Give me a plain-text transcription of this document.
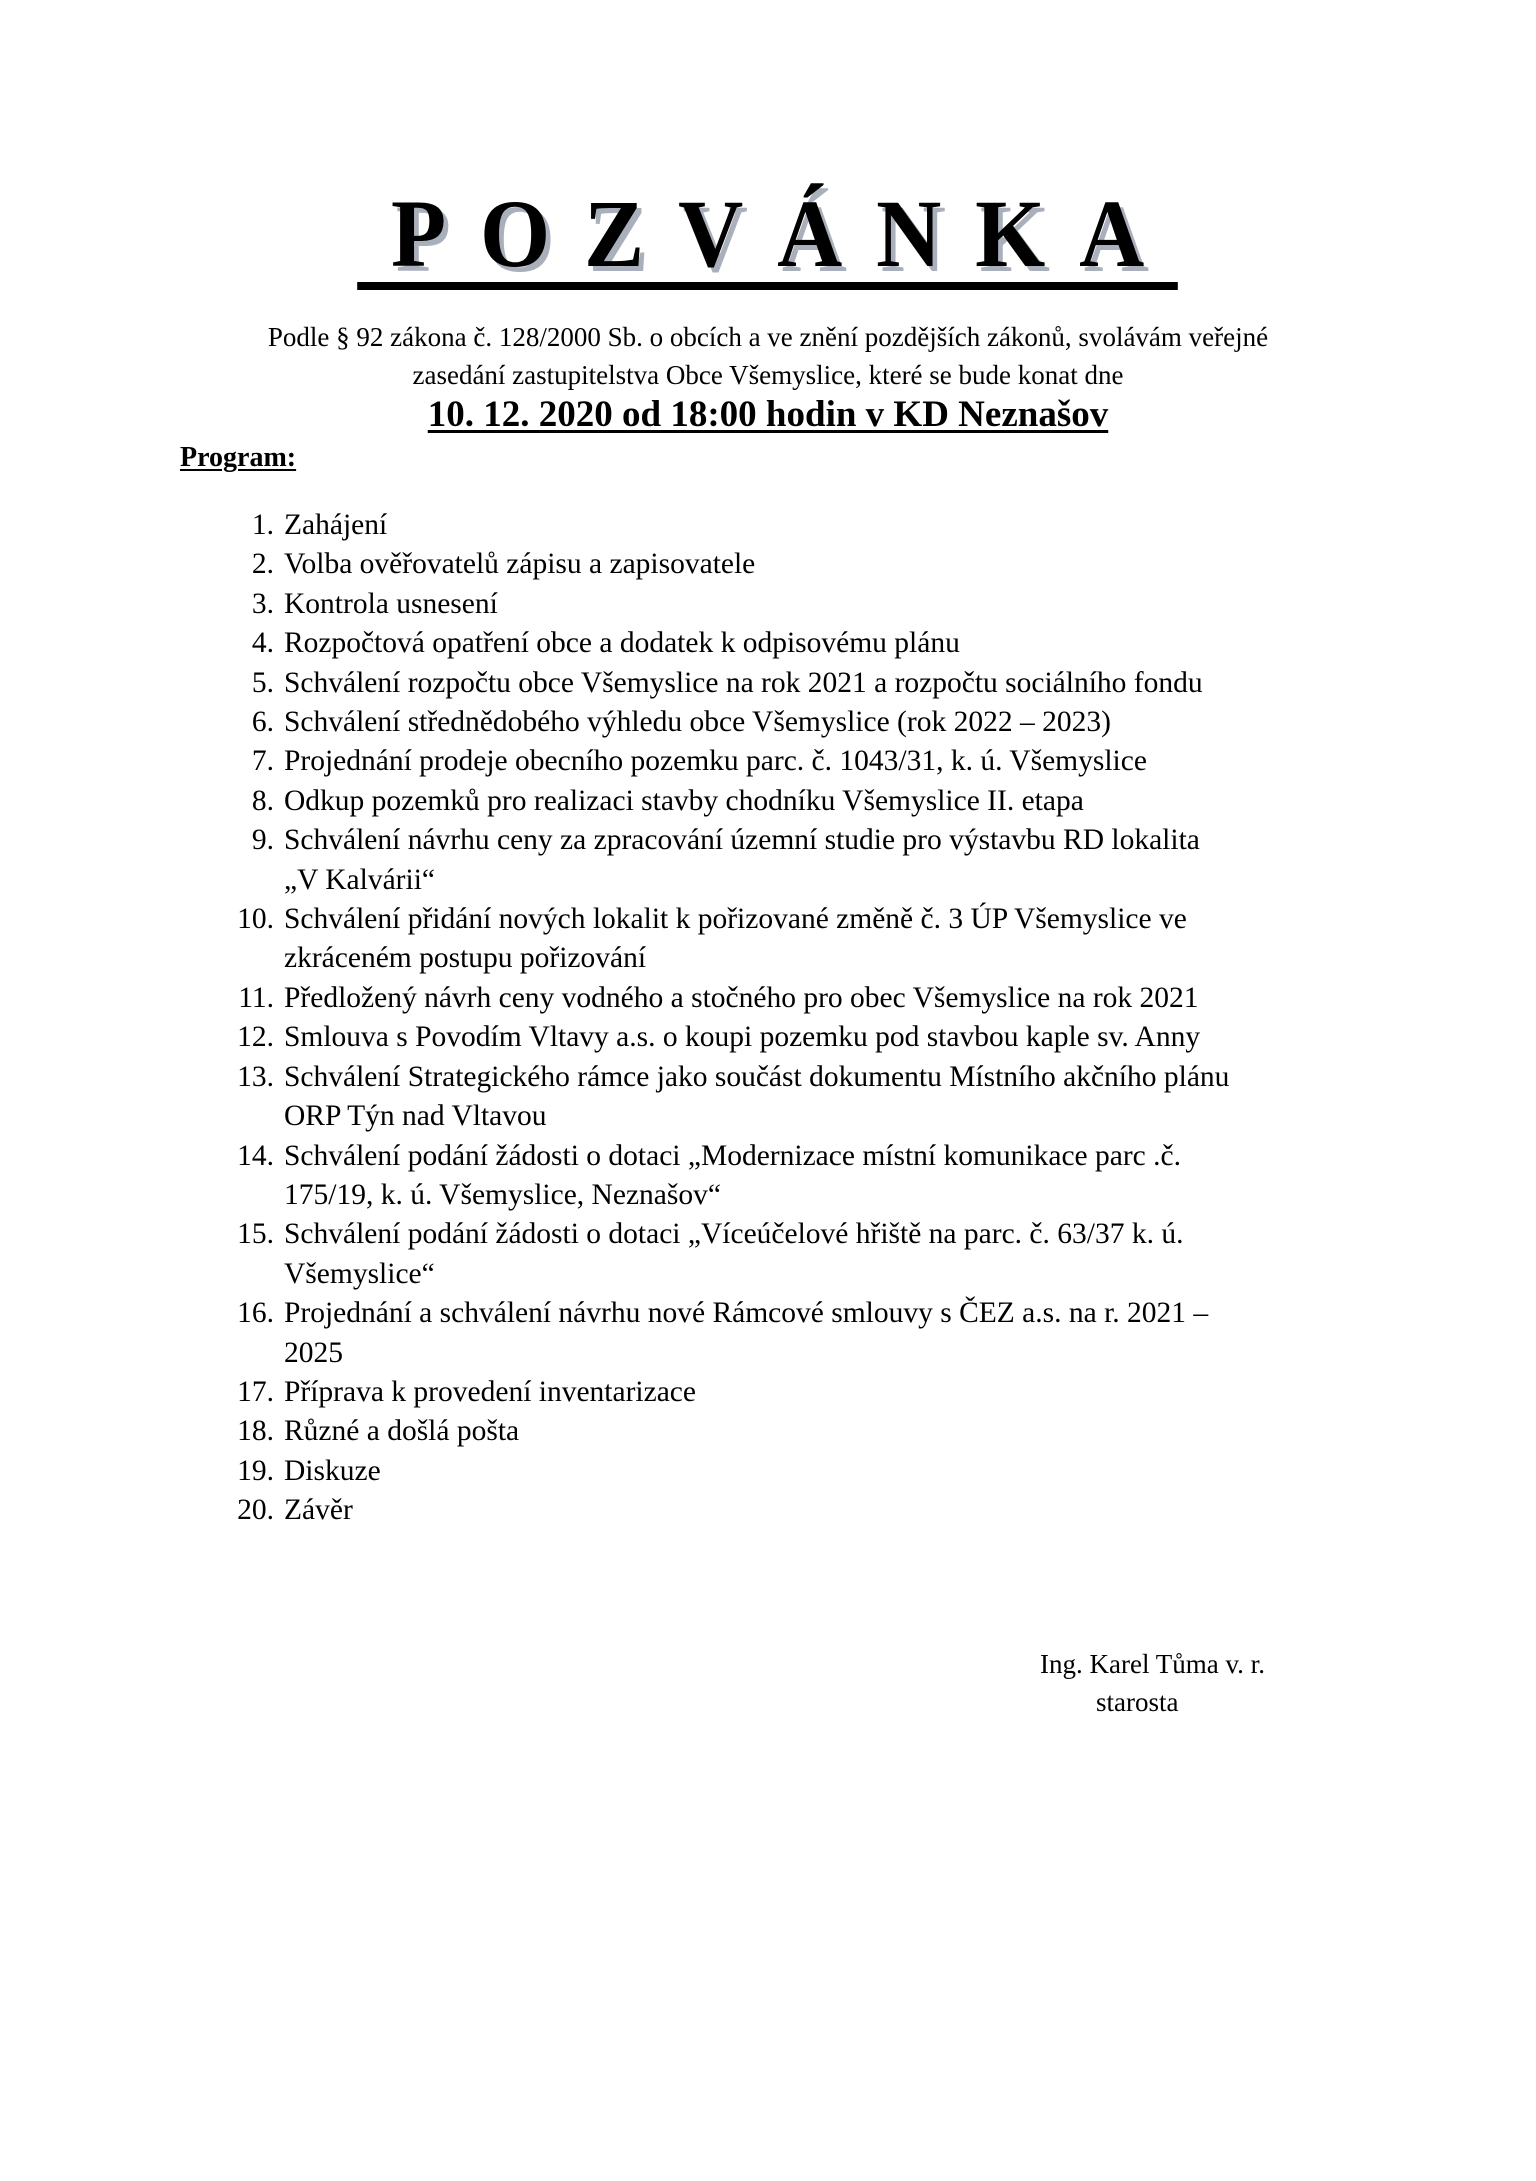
POZVÁNKA
Podle § 92 zákona č. 128/2000 Sb. o obcích a ve znění pozdějších zákonů, svolávám veřejné
zasedání zastupitelstva Obce Všemyslice, které se bude konat dne
10. 12. 2020 od 18:00 hodin v KD Neznašov
Program:
1. Zahájení
2. Volba ověřovatelů zápisu a zapisovatele
3. Kontrola usnesení
4. Rozpočtová opatření obce a dodatek k odpisovému plánu
5. Schválení rozpočtu obce Všemyslice na rok 2021 a rozpočtu sociálního fondu
6. Schválení střednědobého výhledu obce Všemyslice (rok 2022 – 2023)
7. Projednání prodeje obecního pozemku parc. č. 1043/31, k. ú. Všemyslice
8. Odkup pozemků pro realizaci stavby chodníku Všemyslice II. etapa
9. Schválení návrhu ceny za zpracování územní studie pro výstavbu RD lokalita
„V Kalvárii“
10. Schválení přidání nových lokalit k pořizované změně č. 3 ÚP Všemyslice ve
zkráceném postupu pořizování
11. Předložený návrh ceny vodného a stočného pro obec Všemyslice na rok 2021
12. Smlouva s Povodím Vltavy a.s. o koupi pozemku pod stavbou kaple sv. Anny
13. Schválení Strategického rámce jako součást dokumentu Místního akčního plánu
ORP Týn nad Vltavou
14. Schválení podání žádosti o dotaci „Modernizace místní komunikace parc .č.
175/19, k. ú. Všemyslice, Neznašov“
15. Schválení podání žádosti o dotaci „Víceúčelové hřiště na parc. č. 63/37 k. ú.
Všemyslice“
16. Projednání a schválení návrhu nové Rámcové smlouvy s ČEZ a.s. na r. 2021 –
2025
17. Příprava k provedení inventarizace
18. Různé a došlá pošta
19. Diskuze
20. Závěr
Ing. Karel Tůma v. r.
starosta
